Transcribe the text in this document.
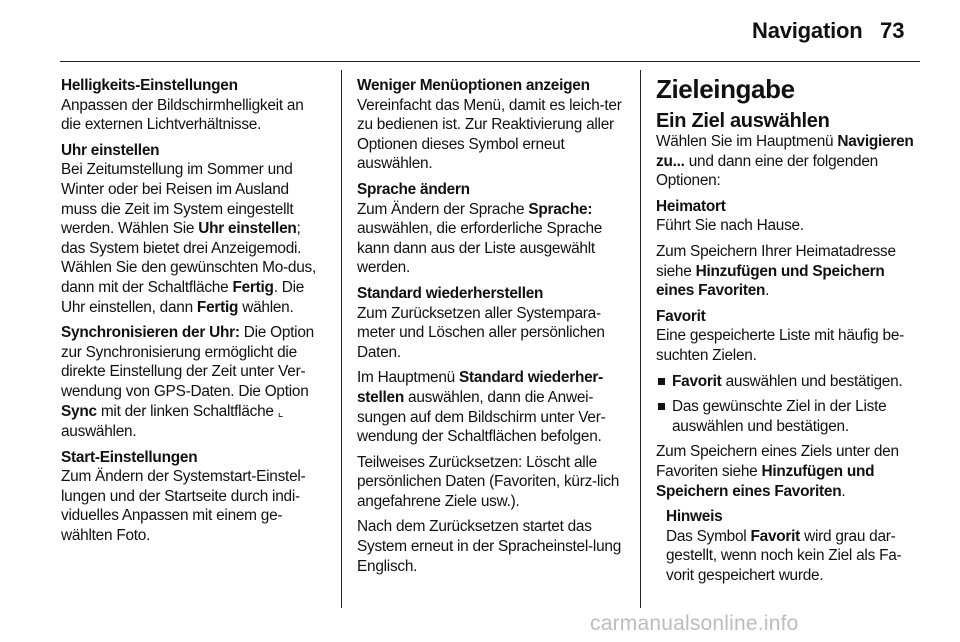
Navigation 73

Helligkeits-Einstellungen

Anpassen der Bildschirmhelligkeit an die externen Lichtverhältnisse.

Uhr einstellen

Bei Zeitumstellung im Sommer und Winter oder bei Reisen im Ausland muss die Zeit im System eingestellt werden. Wählen Sie Uhr einstellen; das System bietet drei Anzeigemodi. Wählen Sie den gewünschten Mo-dus, dann mit der Schaltfläche Fertig. Die Uhr einstellen, dann Fertig wählen.

Synchronisieren der Uhr: Die Option zur Synchronisierung ermöglicht die direkte Einstellung der Zeit unter Ver-wendung von GPS-Daten. Die Option Sync mit der linken Schaltfläche ⌞ auswählen.

Start-Einstellungen

Zum Ändern der Systemstart-Einstel-lungen und der Startseite durch indi-viduelles Anpassen mit einem ge-wählten Foto.

Weniger Menüoptionen anzeigen

Vereinfacht das Menü, damit es leich-ter zu bedienen ist. Zur Reaktivierung aller Optionen dieses Symbol erneut auswählen.

Sprache ändern

Zum Ändern der Sprache Sprache: auswählen, die erforderliche Sprache kann dann aus der Liste ausgewählt werden.

Standard wiederherstellen

Zum Zurücksetzen aller Systempara-meter und Löschen aller persönlichen Daten.

Im Hauptmenü Standard wiederher-stellen auswählen, dann die Anwei-sungen auf dem Bildschirm unter Ver-wendung der Schaltflächen befolgen.

Teilweises Zurücksetzen: Löscht alle persönlichen Daten (Favoriten, kürz-lich angefahrene Ziele usw.).

Nach dem Zurücksetzen startet das System erneut in der Spracheinstel-lung Englisch.

Zieleingabe
Ein Ziel auswählen

Wählen Sie im Hauptmenü Navigieren zu... und dann eine der folgenden Optionen:

Heimatort

Führt Sie nach Hause.

Zum Speichern Ihrer Heimatadresse siehe Hinzufügen und Speichern eines Favoriten.

Favorit

Eine gespeicherte Liste mit häufig be-suchten Zielen.

Favorit auswählen und bestätigen.
Das gewünschte Ziel in der Liste auswählen und bestätigen.

Zum Speichern eines Ziels unter den Favoriten siehe Hinzufügen und Speichern eines Favoriten.

Hinweis

Das Symbol Favorit wird grau dar-gestellt, wenn noch kein Ziel als Fa-vorit gespeichert wurde.

carmanualsonline.info
